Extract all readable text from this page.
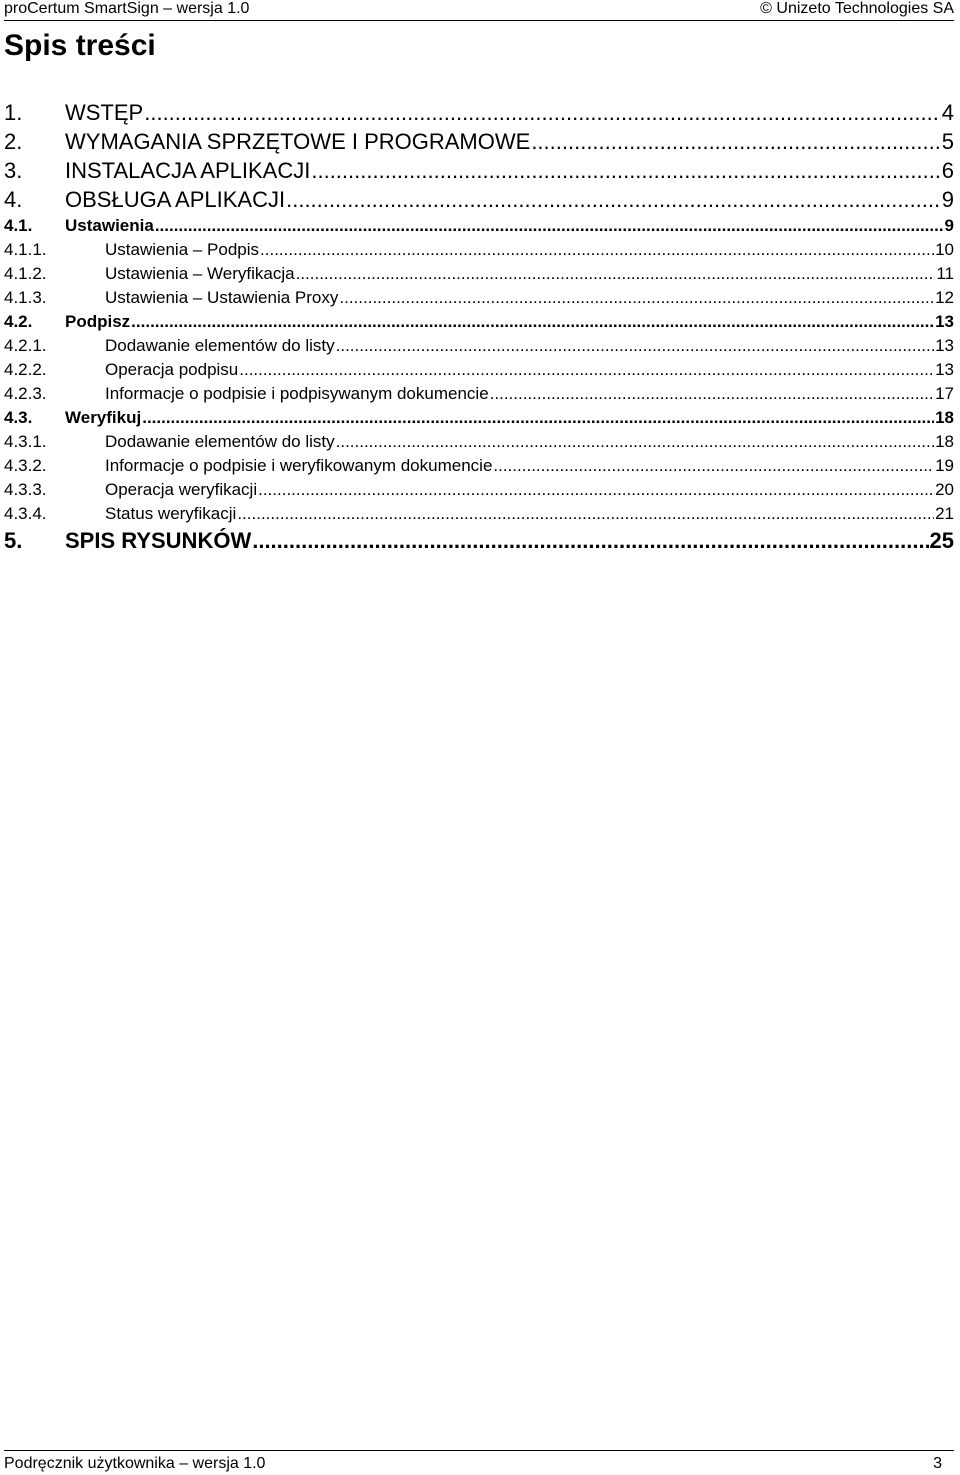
proCertum SmartSign – wersja 1.0	© Unizeto Technologies SA
Spis treści
1.	WSTĘP .....	4
2.	WYMAGANIA SPRZĘTOWE I PROGRAMOWE .....	5
3.	INSTALACJA APLIKACJI .....	6
4.	OBSŁUGA APLIKACJI .....	9
4.1.	Ustawienia .....	9
4.1.1.	Ustawienia – Podpis .....	10
4.1.2.	Ustawienia – Weryfikacja .....	11
4.1.3.	Ustawienia – Ustawienia Proxy .....	12
4.2.	Podpisz .....	13
4.2.1.	Dodawanie elementów do listy .....	13
4.2.2.	Operacja podpisu .....	13
4.2.3.	Informacje o podpisie i podpisywanym dokumencie .....	17
4.3.	Weryfikuj .....	18
4.3.1.	Dodawanie elementów do listy .....	18
4.3.2.	Informacje o podpisie i weryfikowanym dokumencie .....	19
4.3.3.	Operacja weryfikacji .....	20
4.3.4.	Status weryfikacji .....	21
5.	SPIS RYSUNKÓW .....	25
Podręcznik użytkownika – wersja 1.0	3
